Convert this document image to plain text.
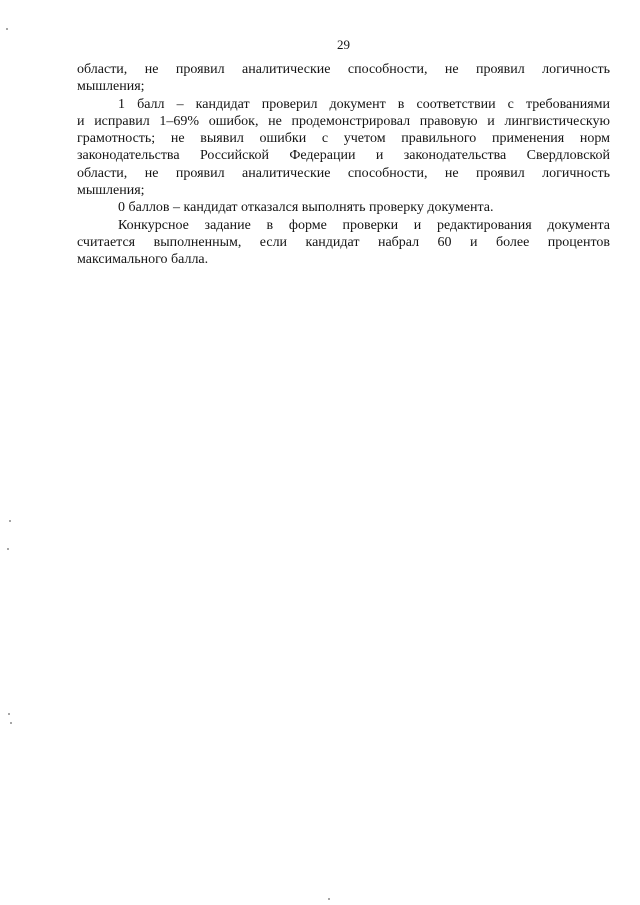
29

области, не проявил аналитические способности, не проявил логичность
мышления;

1 балл – кандидат проверил документ в соответствии с требованиями
и исправил 1–69% ошибок, не продемонстрировал правовую и лингвистическую
грамотность; не выявил ошибки с учетом правильного применения норм
законодательства Российской Федерации и законодательства Свердловской
области, не проявил аналитические способности, не проявил логичность
мышления;

0 баллов – кандидат отказался выполнять проверку документа.

Конкурсное задание в форме проверки и редактирования документа
считается выполненным, если кандидат набрал 60 и более процентов
максимального балла.
